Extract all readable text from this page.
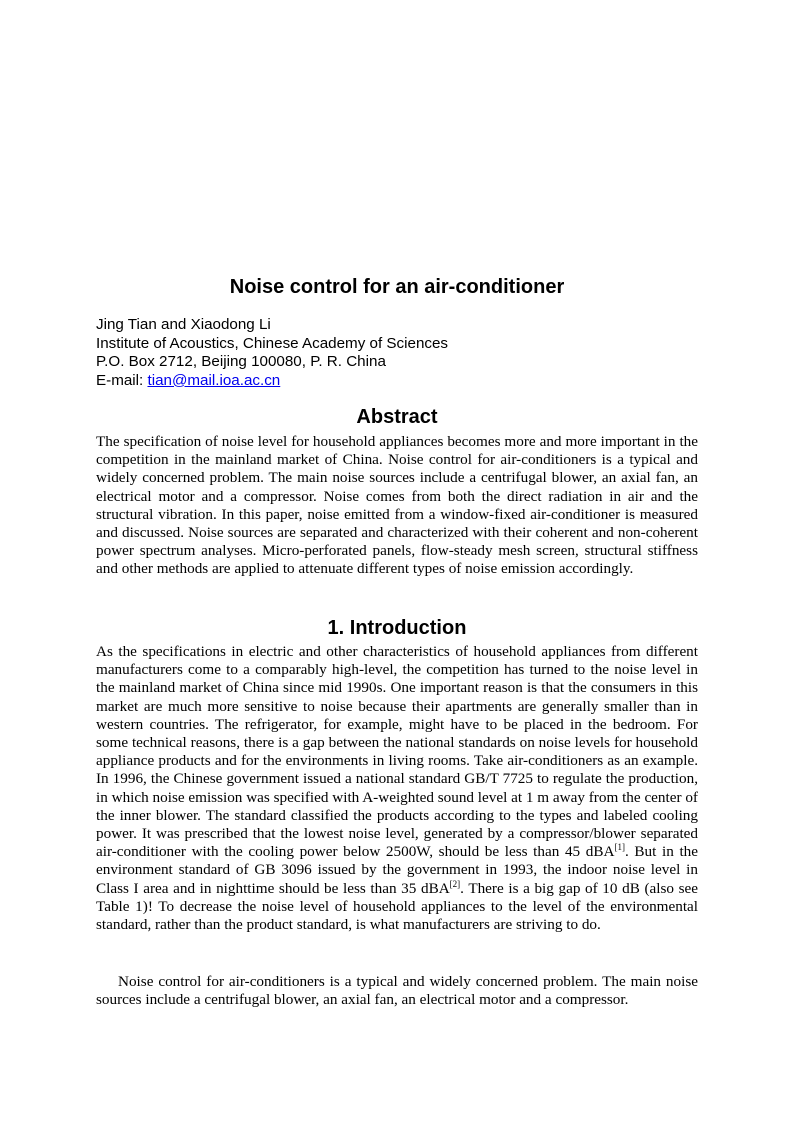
Noise control for an air-conditioner
Jing Tian and Xiaodong Li
Institute of Acoustics, Chinese Academy of Sciences
P.O. Box 2712, Beijing 100080, P. R. China
E-mail: tian@mail.ioa.ac.cn
Abstract

The specification of noise level for household appliances becomes more and more important in the competition in the mainland market of China. Noise control for air-conditioners is a typical and widely concerned problem. The main noise sources include a centrifugal blower, an axial fan, an electrical motor and a compressor. Noise comes from both the direct radiation in air and the structural vibration. In this paper, noise emitted from a window-fixed air-conditioner is measured and discussed. Noise sources are separated and characterized with their coherent and non-coherent power spectrum analyses. Micro-perforated panels, flow-steady mesh screen, structural stiffness and other methods are applied to attenuate different types of noise emission accordingly.

1. Introduction

As the specifications in electric and other characteristics of household appliances from different manufacturers come to a comparably high-level, the competition has turned to the noise level in the mainland market of China since mid 1990s. One important reason is that the consumers in this market are much more sensitive to noise because their apartments are generally smaller than in western countries. The refrigerator, for example, might have to be placed in the bedroom. For some technical reasons, there is a gap between the national standards on noise levels for household appliance products and for the environments in living rooms. Take air-conditioners as an example. In 1996, the Chinese government issued a national standard GB/T 7725 to regulate the production, in which noise emission was specified with A-weighted sound level at 1 m away from the center of the inner blower. The standard classified the products according to the types and labeled cooling power. It was prescribed that the lowest noise level, generated by a compressor/blower separated air-conditioner with the cooling power below 2500W, should be less than 45 dBA[1]. But in the environment standard of GB 3096 issued by the government in 1993, the indoor noise level in Class I area and in nighttime should be less than 35 dBA[2]. There is a big gap of 10 dB (also see Table 1)! To decrease the noise level of household appliances to the level of the environmental standard, rather than the product standard, is what manufacturers are striving to do.

Noise control for air-conditioners is a typical and widely concerned problem. The main noise sources include a centrifugal blower, an axial fan, an electrical motor and a compressor.
